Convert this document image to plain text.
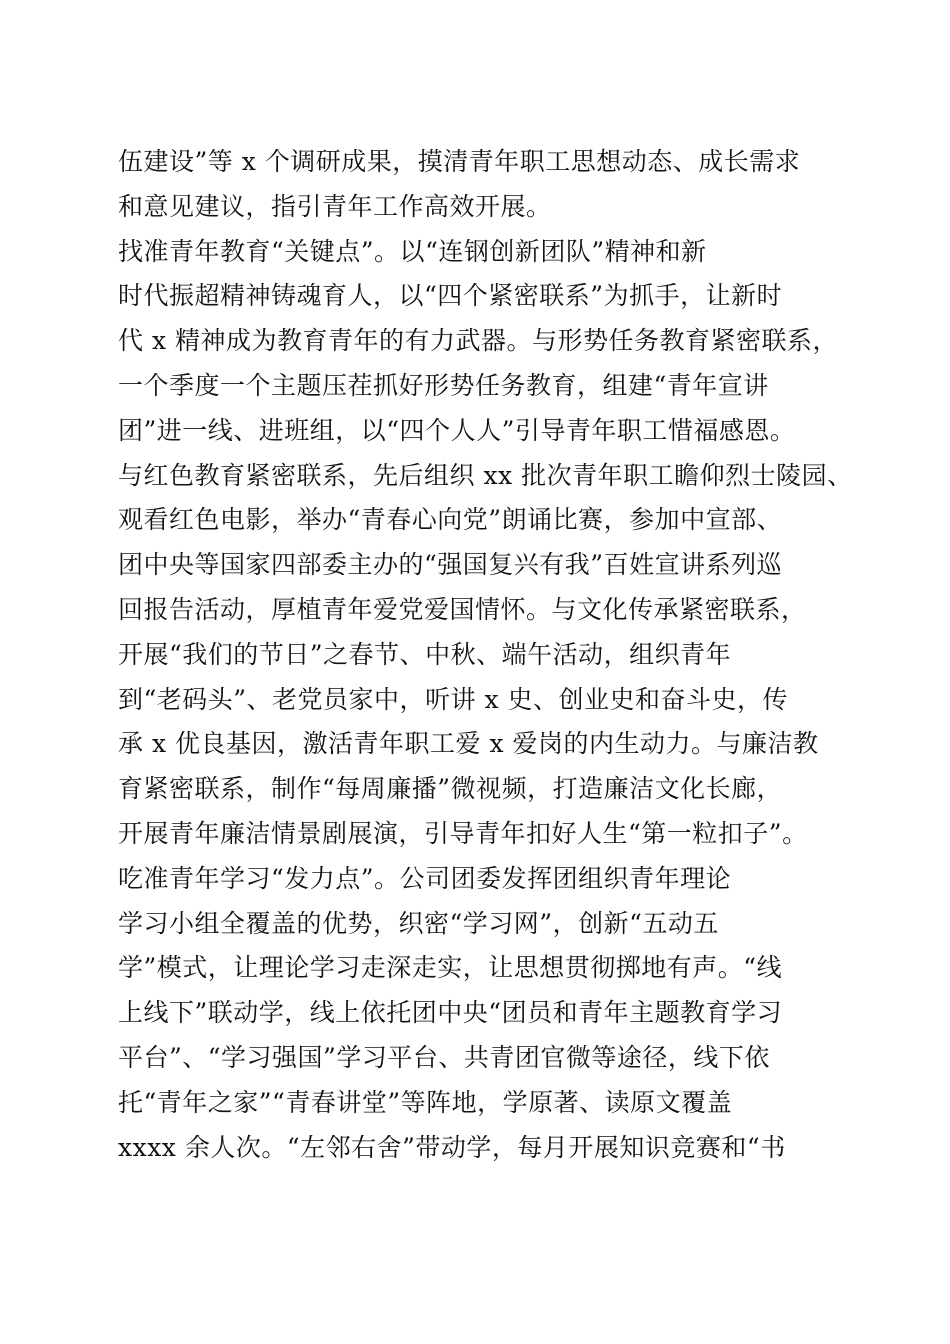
伍建设”等 x 个调研成果，摸清青年职工思想动态、成长需求
和意见建议，指引青年工作高效开展。
找准青年教育“关键点”。以“连钢创新团队”精神和新
时代振超精神铸魂育人，以“四个紧密联系”为抓手，让新时
代 x 精神成为教育青年的有力武器。与形势任务教育紧密联系，
一个季度一个主题压茬抓好形势任务教育，组建“青年宣讲
团”进一线、进班组，以“四个人人”引导青年职工惜福感恩。
与红色教育紧密联系，先后组织 xx 批次青年职工瞻仰烈士陵园、
观看红色电影，举办“青春心向党”朗诵比赛，参加中宣部、
团中央等国家四部委主办的“强国复兴有我”百姓宣讲系列巡
回报告活动，厚植青年爱党爱国情怀。与文化传承紧密联系，
开展“我们的节日”之春节、中秋、端午活动，组织青年
到“老码头”、老党员家中，听讲 x 史、创业史和奋斗史，传
承 x 优良基因，激活青年职工爱 x 爱岗的内生动力。与廉洁教
育紧密联系，制作“每周廉播”微视频，打造廉洁文化长廊，
开展青年廉洁情景剧展演，引导青年扣好人生“第一粒扣子”。
吃准青年学习“发力点”。公司团委发挥团组织青年理论
学习小组全覆盖的优势，织密“学习网”，创新“五动五
学”模式，让理论学习走深走实，让思想贯彻掷地有声。“线
上线下”联动学，线上依托团中央“团员和青年主题教育学习
平台”、“学习强国”学习平台、共青团官微等途径，线下依
托“青年之家”“青春讲堂”等阵地，学原著、读原文覆盖
xxxx 余人次。“左邻右舍”带动学，每月开展知识竞赛和“书
